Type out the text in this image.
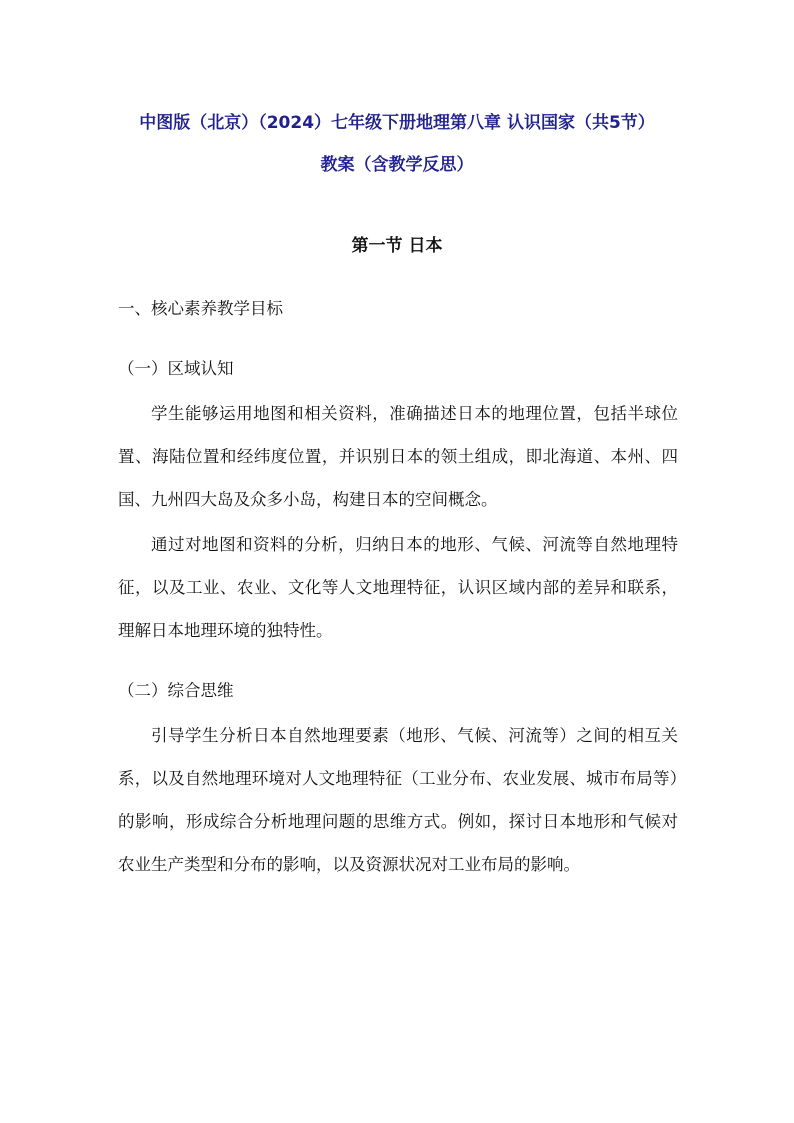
中图版（北京）（2024）七年级下册地理第八章 认识国家（共5节）
教案（含教学反思）
第一节 日本
一、核心素养教学目标
（一）区域认知

学生能够运用地图和相关资料，准确描述日本的地理位置，包括半球位置、海陆位置和经纬度位置，并识别日本的领土组成，即北海道、本州、四国、九州四大岛及众多小岛，构建日本的空间概念。

通过对地图和资料的分析，归纳日本的地形、气候、河流等自然地理特征，以及工业、农业、文化等人文地理特征，认识区域内部的差异和联系，理解日本地理环境的独特性。

（二）综合思维

引导学生分析日本自然地理要素（地形、气候、河流等）之间的相互关系，以及自然地理环境对人文地理特征（工业分布、农业发展、城市布局等）的影响，形成综合分析地理问题的思维方式。例如，探讨日本地形和气候对农业生产类型和分布的影响，以及资源状况对工业布局的影响。
